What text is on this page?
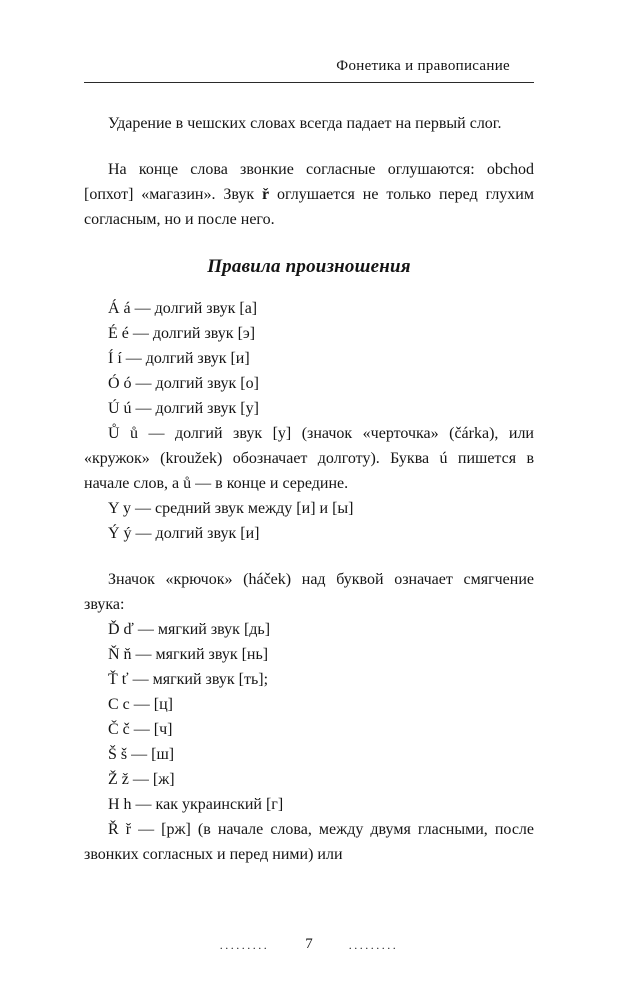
Фонетика и правописание

Ударение в чешских словах всегда падает на первый слог.

На конце слова звонкие согласные оглушаются: obchod [опхот] «магазин». Звук ř оглушается не только перед глухим согласным, но и после него.

Правила произношения

Á á — долгий звук [а]

É é — долгий звук [э]

Í í — долгий звук [и]

Ó ó — долгий звук [о]

Ú ú — долгий звук [у]

Ů ů — долгий звук [у] (значок «черточка» (čárka), или «кружок» (kroužek) обозначает долготу). Буква ú пишется в начале слов, а ů — в конце и середине.

Y y — средний звук между [и] и [ы]

Ý ý — долгий звук [и]

Значок «крючок» (háček) над буквой означает смягчение звука:

Ď ď — мягкий звук [дь]

Ň ň — мягкий звук [нь]

Ť ť — мягкий звук [ть];

C c — [ц]

Č č — [ч]

Š š — [ш]

Ž ž — [ж]

H h — как украинский [г]

Ř ř — [рж] (в начале слова, между двумя гласными, после звонких согласных и перед ними) или

......... 7	.........
